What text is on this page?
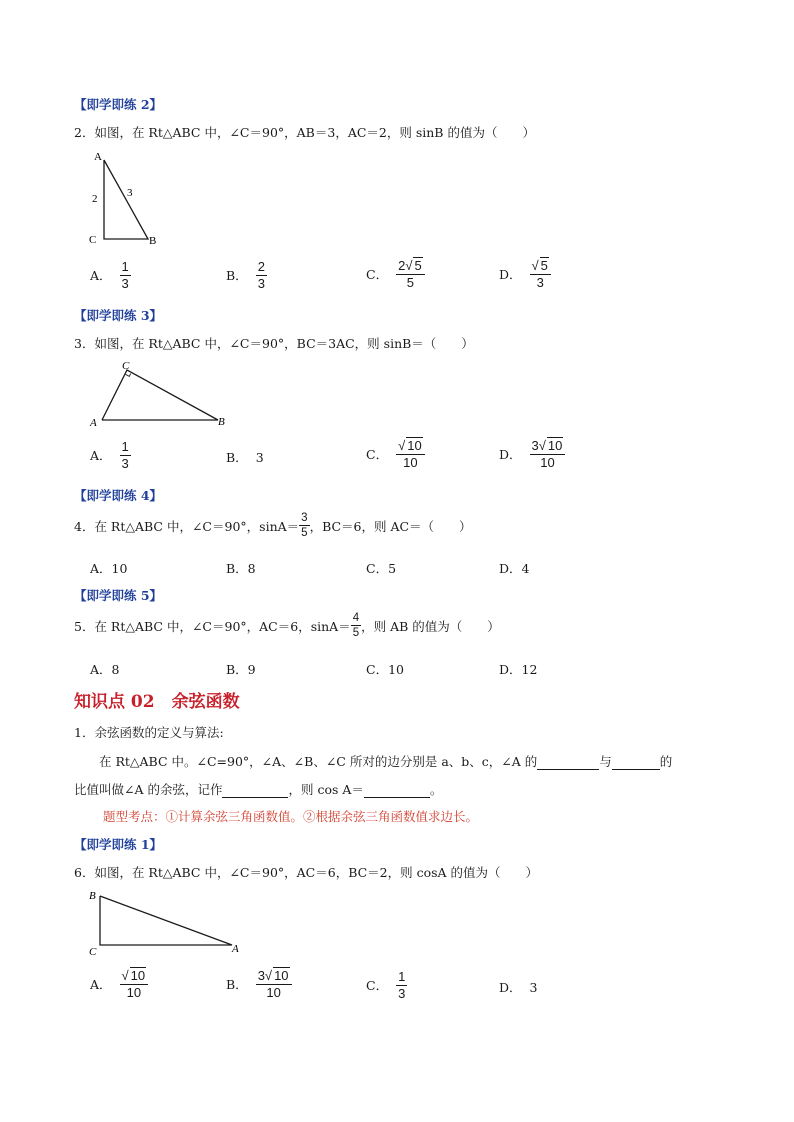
【即学即练 2】
2．如图，在 Rt△ABC 中，∠C＝90°，AB＝3，AC＝2，则 sinB 的值为（　　）
A
C	B
2	3
A． $\frac{1}{3}$	B． $\frac{2}{3}$	C． $\frac{2√ 5}{5}$	D． $\frac{√ 5}{3}$
【即学即练 3】
3．如图，在 Rt△ABC 中，∠C＝90°，BC＝3AC，则 sinB＝（　　）
C
A	B
A． $\frac{1}{3}$	B． 3	C． $\frac{√ 10}{10}$	D． $\frac{3√ 10}{10}$
【即学即练 4】
4．在 Rt△ABC 中，∠C＝90°，$\sin A= \frac{3}{5}$ ，BC＝6，则 AC＝（　　）
A．10	B．8	C．5	D．4
【即学即练 5】
5．在 Rt△ABC 中，∠C＝90°，AC＝6，$\sin A= \frac{4}{5}$ ，则 AB 的值为（　　）
A．8	B．9	C．10	D．12
知识点 02　余弦函数
1．余弦函数的定义与算法:
在 Rt△ABC 中。∠C=90°，∠A、∠B、∠C 所对的边分别是 a、b、c，∠A 的	与	的
比值叫做∠A 的余弦，记作	，则 cos A＝	。
题型考点：①计算余弦三角函数值。②根据余弦三角函数值求边长。
【即学即练 1】
6．如图，在 Rt△ABC 中，∠C＝90°，AC＝6，BC＝2，则 cosA 的值为（　　）
B
C	A
A． $\frac{√ 10}{10}$	B． $\frac{3√ 10}{10}$	C． $\frac{1}{3}$	D． 3
